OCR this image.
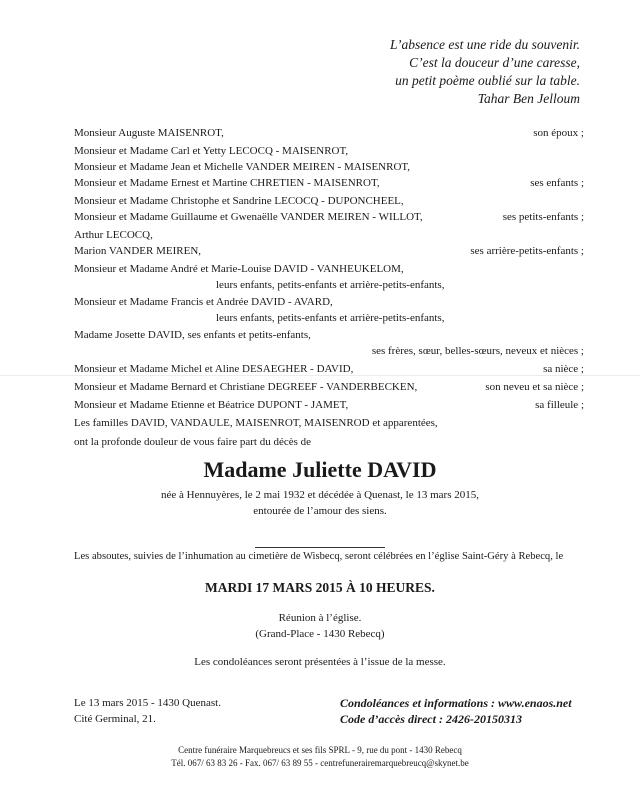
L’absence est une ride du souvenir.
C’est la douceur d’une caresse,
un petit poème oublié sur la table.
Tahar Ben Jelloum
Monsieur Auguste MAISENROT,	son époux ;
Monsieur et Madame Carl et Yetty LECOCQ - MAISENROT,
Monsieur et Madame Jean et Michelle VANDER MEIREN - MAISENROT,
Monsieur et Madame Ernest et Martine CHRETIEN - MAISENROT,	ses enfants ;
Monsieur et Madame Christophe et Sandrine LECOCQ - DUPONCHEEL,
Monsieur et Madame Guillaume et Gwenaëlle VANDER MEIREN - WILLOT,	ses petits-enfants ;
Arthur LECOCQ,
Marion VANDER MEIREN,	ses arrière-petits-enfants ;
Monsieur et Madame André et Marie-Louise DAVID - VANHEUKELOM,
leurs enfants, petits-enfants et arrière-petits-enfants,
Monsieur et Madame Francis et Andrée DAVID - AVARD,
leurs enfants, petits-enfants et arrière-petits-enfants,
Madame Josette DAVID, ses enfants et petits-enfants,
ses frères, sœur, belles-sœurs, neveux et nièces ;
Monsieur et Madame Michel et Aline DESAEGHER - DAVID,	sa nièce ;
Monsieur et Madame Bernard et Christiane DEGREEF - VANDERBECKEN,	son neveu et sa nièce ;
Monsieur et Madame Etienne et Béatrice DUPONT - JAMET,	sa filleule ;
Les familles DAVID, VANDAULE, MAISENROT, MAISENROD et apparentées,
ont la profonde douleur de vous faire part du décès de
Madame Juliette DAVID
née à Hennuyères, le 2 mai 1932 et décédée à Quenast, le 13 mars 2015,
entourée de l’amour des siens.
Les absoutes, suivies de l’inhumation au cimetière de Wisbecq, seront célébrées en l’église Saint-Géry à Rebecq, le
MARDI 17 MARS 2015 À 10 HEURES.
Réunion à l’église.
(Grand-Place - 1430 Rebecq)
Les condoléances seront présentées à l’issue de la messe.
Le 13 mars 2015 - 1430 Quenast.
Cité Germinal, 21.
Condoléances et informations : www.enaos.net
Code d’accès direct : 2426-20150313
Centre funéraire Marquebreucs et ses fils SPRL - 9, rue du pont - 1430 Rebecq
Tél. 067/ 63 83 26 - Fax. 067/ 63 89 55 - centrefunerairemarquebreucq@skynet.be
